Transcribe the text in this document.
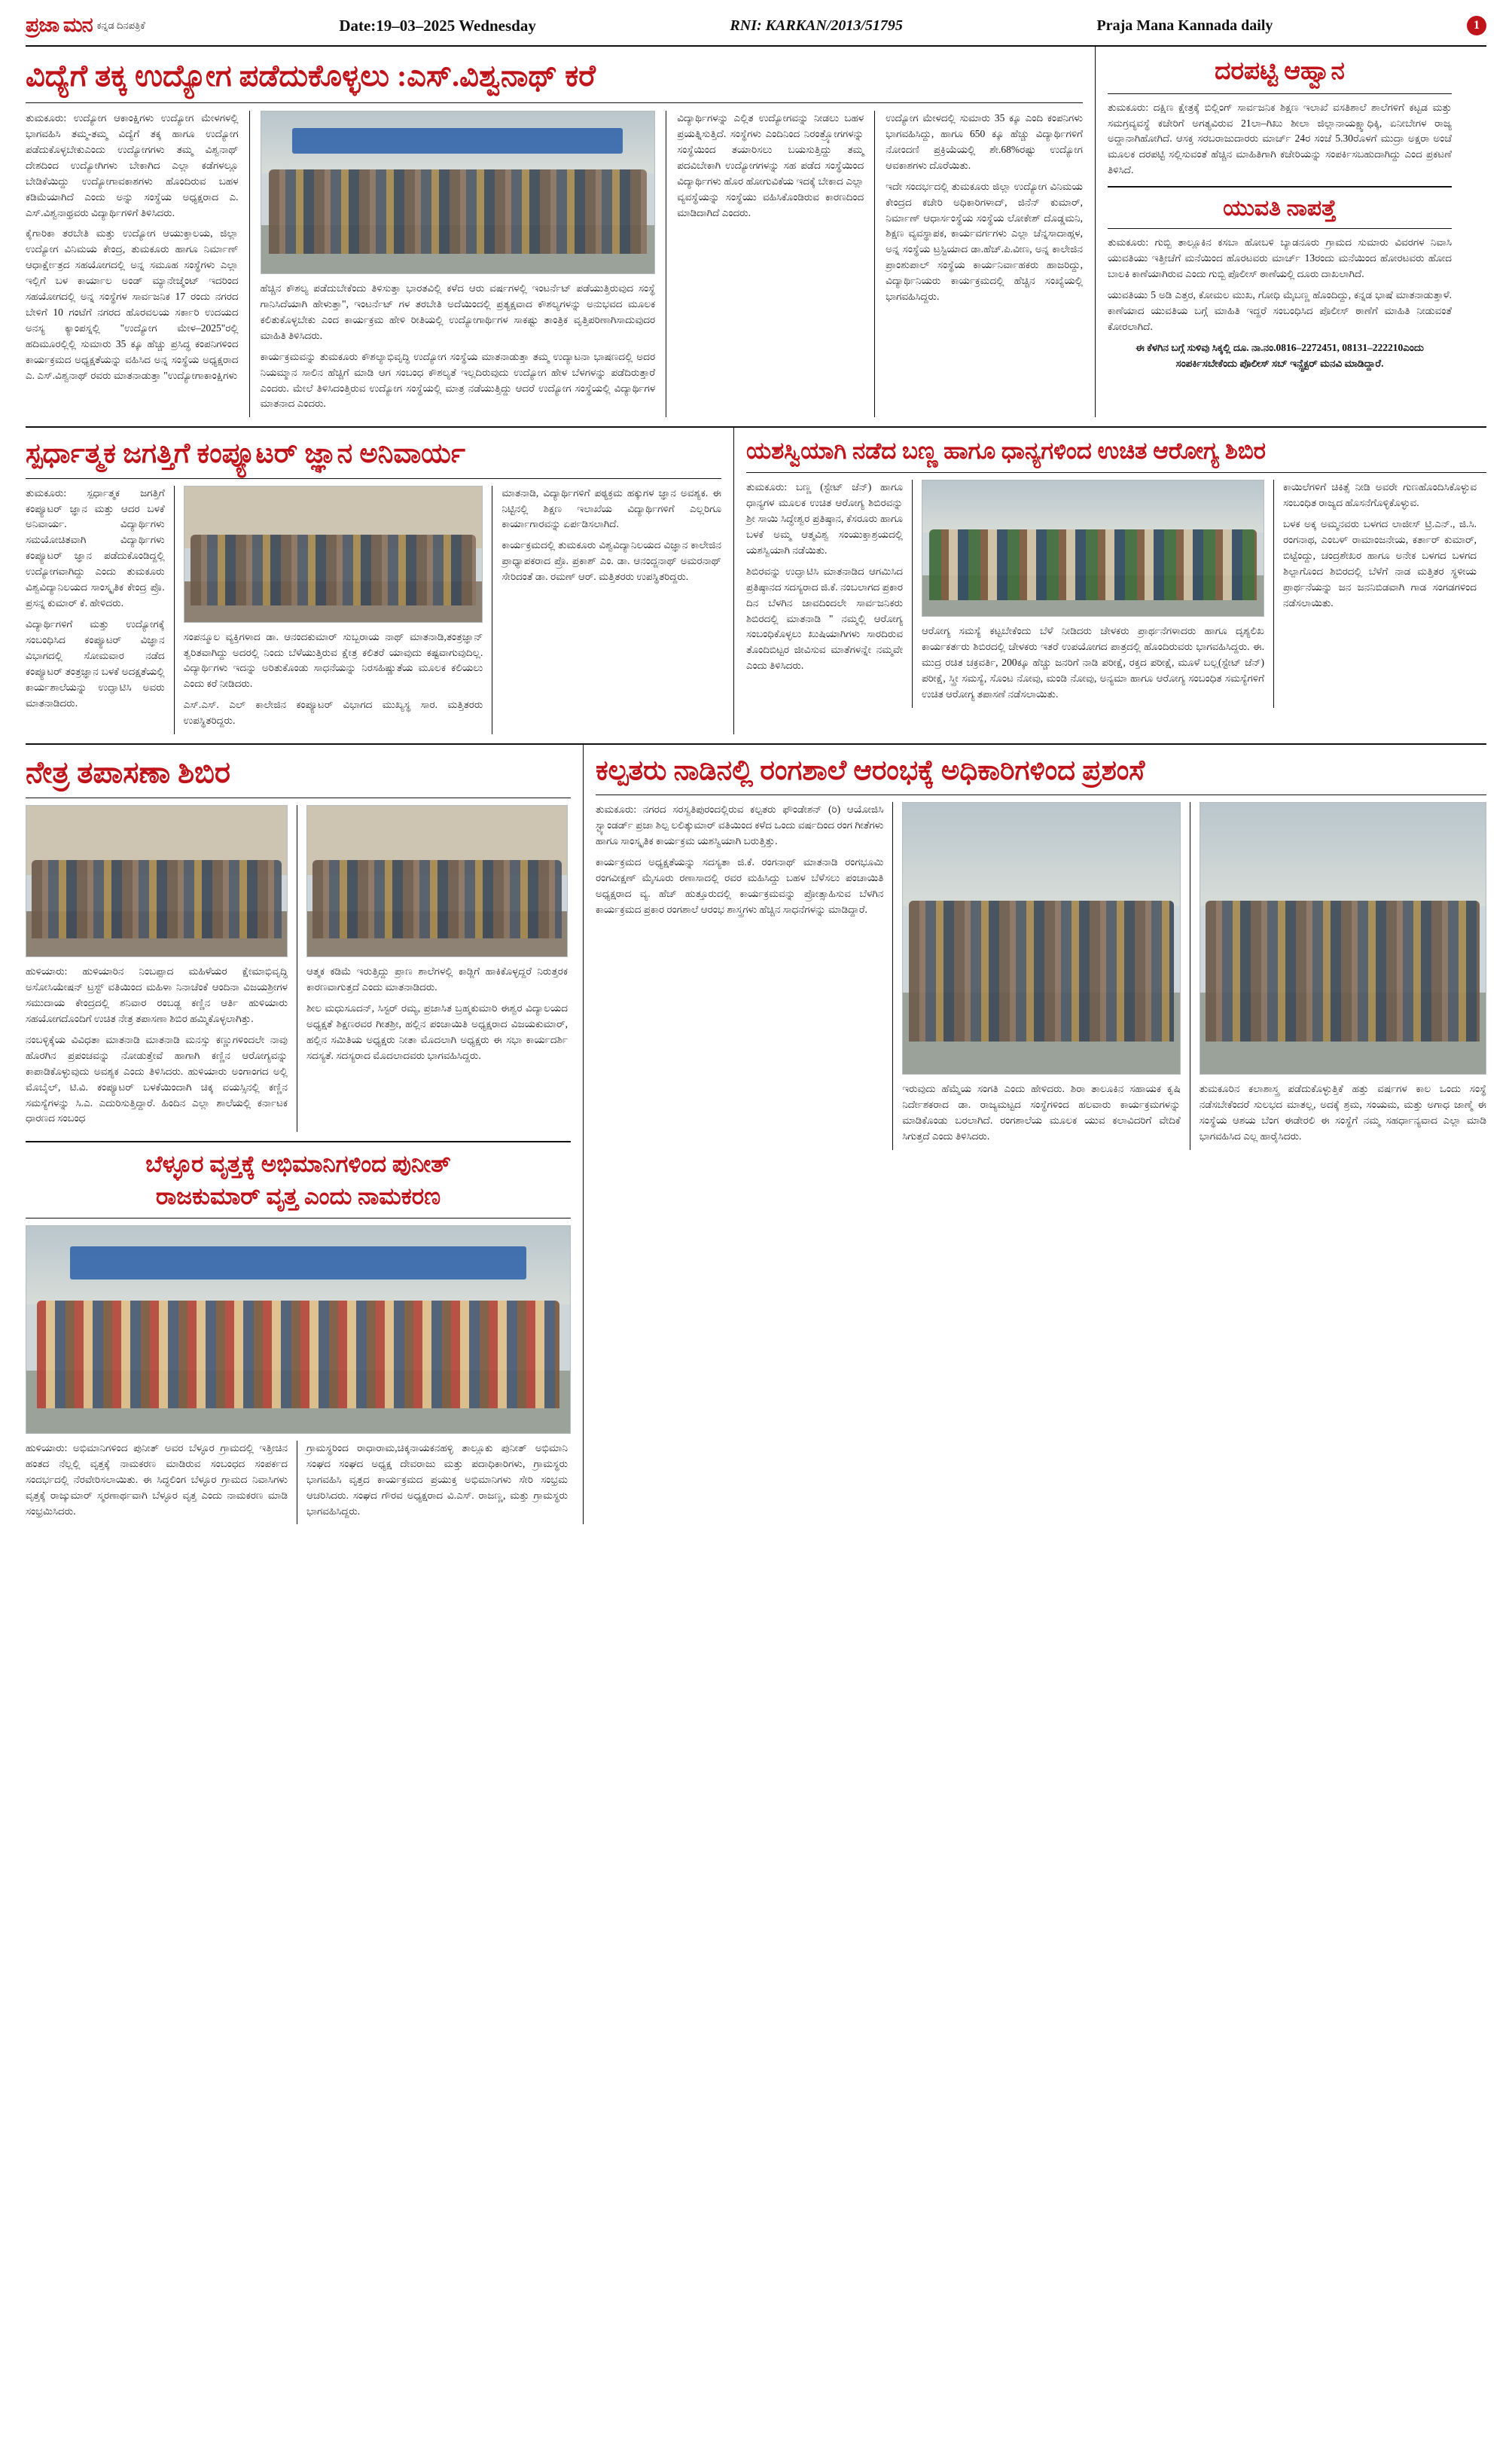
ಪ್ರಜಾ ಮನ ಕನ್ನಡ ದಿನಪತ್ರಿಕೆ	Date:19–03–2025 Wednesday	RNI: KARKAN/2013/51795	Praja Mana Kannada daily	1
ವಿದ್ಯೆಗೆ ತಕ್ಕ ಉದ್ಯೋಗ ಪಡೆದುಕೊಳ್ಳಲು :ಎಸ್.ವಿಶ್ವನಾಥ್ ಕರೆ

ತುಮಕೂರು: ಉದ್ಯೋಗ ಆಕಾಂಕ್ಷಿಗಳು ಉದ್ಯೋಗ ಮೇಳಗಳಲ್ಲಿ ಭಾಗವಹಿಸಿ ತಮ್ಮ-ತಮ್ಮ ವಿದ್ಯೆಗೆ ತಕ್ಕ ಹಾಗೂ ಉದ್ಯೋಗ ಪಡೆದುಕೊಳ್ಳಬೇಕುಎಂದು ಉದ್ಯೋಗಗಳು ತಮ್ಮ ವಿಶ್ವನಾಥ್ ದೇಶದಿಂದ ಉದ್ಯೋಗಿಗಳು ಬೇಕಾಗಿದ ಎಲ್ಲಾ ಕಡೆಗಳಲ್ಲೂ ಬೇಡಿಕೆಯಿದ್ದು ಉದ್ಯೋಗಾವಕಾಶಗಳು ಹೊಂದಿರುವ ಬಹಳ ಕಡಿಮೆಯಾಗಿದೆ ಎಂದು ಅನ್ನು ಸಂಸ್ಥೆಯ ಅಧ್ಯಕ್ಷರಾದ ಎ. ಎಸ್.ವಿಶ್ವನಾಥ್ರವರು ವಿದ್ಯಾರ್ಥಿಗಳಿಗೆ ತಿಳಿಸಿದರು.

ಕೈಗಾರಿಕಾ ತರಬೇತಿ ಮತ್ತು ಉದ್ಯೋಗ ಆಯುಕ್ತಾಲಯ, ಜಿಲ್ಲಾ ಉದ್ಯೋಗ ವಿನಿಮಯ ಕೇಂದ್ರ, ತುಮಕೂರು ಹಾಗೂ ನಿರ್ಮಾಣ್ ಆಧಾರ್ಕ್ಷೇತ್ರದ ಸಹಯೋಗದಲ್ಲಿ ಅನ್ನ ಸಮೂಹ ಸಂಸ್ಥೆಗಳು ಎಲ್ಲಾ ಇಲ್ಲಿಗೆ ಬಳ ಕಾರ್ಯಾಲ ಅಂಡ್ ಮ್ಯಾನೇಜ್ಮೆಂಟ್ ಇದರಿಂದ ಸಹಯೋಗದಲ್ಲಿ ಅನ್ನ ಸಂಸ್ಥೆಗಳ ಸಾರ್ವಜನಿಕ 17 ರಂದು ನಗರದ ಬೇಳಿಗೆ 10 ಗಂಟೆಗೆ ನಗರದ ಹೊರವಲಯ ಸರ್ಕಾರಿ ಉದಯದ ಅನಸ್ಯ ಕ್ಯಾಂಪಸ್ನಲ್ಲಿ "ಉದ್ಯೋಗ ಮೇಳ–2025"ರಲ್ಲಿ ಹದಿಮೂರಲ್ಲಿಲ್ಲಿ ಸುಮಾರು 35 ಕ್ಕೂ ಹೆಚ್ಚು ಪ್ರಸಿದ್ಧ ಕಂಪನಿಗಳಿಂದ ಕಾರ್ಯಕ್ರಮದ ಅಧ್ಯಕ್ಷತೆಯನ್ನು ವಹಿಸಿದ ಅನ್ನ ಸಂಸ್ಥೆಯ ಅಧ್ಯಕ್ಷರಾದ ಎ. ಎಸ್.ವಿಶ್ವನಾಥ್ ರವರು ಮಾತನಾಡುತ್ತಾ "ಉದ್ಯೋಗಾಕಾಂಕ್ಷಿಗಳು

ಹೆಚ್ಚಿನ ಕೌಶಲ್ಯ ಪಡೆದುಬೇಕೆಂದು ತಿಳಿಸುತ್ತಾ ಭಾರತವಿಲ್ಲಿ ಕಳೆದ ಆರು ವರ್ಷಗಳಲ್ಲಿ ಇಂಟರ್ನೆಟ್ ಪಡೆಯುತ್ತಿರುವುದ ಸಂಸ್ಥೆ ಗಾನಿಸಿದೆಯಾಗಿ ಹೇಳುತ್ತಾ", ಇಂಟರ್ನೆಟ್ ಗಳ ತರಬೇತಿ ಅದೆಯಿಂದಲ್ಲಿ ಪ್ರತ್ಯಕ್ಷವಾದ ಕೌಶಲ್ಯಗಳನ್ನು ಅನುಭವದ ಮೂಲಕ ಕಲಿತುಕೊಳ್ಳಬೇಕು ಎಂದ ಕಾರ್ಯಕ್ರಮ ಹೇಳಿ ರೀತಿಯಲ್ಲಿ ಉದ್ಯೋಗಾರ್ಥಿಗಳ ಸಾಕಷ್ಟು ತಾಂತ್ರಿಕ ವೃತ್ತಿಪರಿಣಾಗಿಸಾದುವುದರ ಮಾಹಿತಿ ತಿಳಿಸಿದರು.

ಕಾರ್ಯಕ್ರಮವನ್ನು ತುಮಕೂರು ಕೌಶಲ್ಯಾಭಿವೃದ್ಧಿ ಉದ್ಯೋಗ ಸಂಸ್ಥೆಯ ಮಾತನಾಡುತ್ತಾ ತಮ್ಮ ಉದ್ಯಾಟನಾ ಭಾಷಣದಲ್ಲಿ ಅದರ ನಿಯಮ್ಮಾನ ಸಾಲಿನ ಹೆಚ್ಚಿಗೆ ಮಾಡಿ ಆಗ ಸಂಬಂಧ ಕೌಶಲ್ಯತೆ ಇಲ್ಲದಿರುವುದು ಉದ್ಯೋಗ ಹೇಳ ಬೆಳಗಳನ್ನು ಪಡೆದಿರುತ್ತಾರೆ ಎಂದರು. ಮೇಲೆ ತಿಳಿಸಿದಂತ್ತಿರುವ ಉದ್ಯೋಗ ಸಂಸ್ಥೆಯಲ್ಲಿ ಮಾತ್ರ ನಡೆಯುತ್ತಿದ್ದು ಆದರೆ ಉದ್ಯೋಗ ಸಂಸ್ಥೆಯಲ್ಲಿ ವಿದ್ಯಾರ್ಥಿಗಳ ಮಾತನಾದ ಎಂದರು.

ವಿದ್ಯಾರ್ಥಿಗಳನ್ನು ಎಲ್ಲಿತ ಉದ್ಯೋಗವನ್ನು ನೀಡಲು ಬಹಳ ಪ್ರಯತ್ನಿಸುತ್ತಿದೆ. ಸಂಸ್ಥೆಗಳು ಎಂದಿನಿಂದ ನಿರಂತ್ರ್ಯೋಗಗಳನ್ನು ಸಂಸ್ಥೆಯಿಂದ ತಯಾರಿಸಲು ಬಯಸುತ್ತಿದ್ದು ತಮ್ಮ ಪದವಿಬೇಕಾಗಿ ಉದ್ಯೋಗಗಳನ್ನು ಸಹ ಪಡೆದ ಸಂಸ್ಥೆಯಿಂದ ವಿದ್ಯಾರ್ಥಿಗಳು ಹೊರ ಹೋಗುವಿಕೆಯ ಇದಕ್ಕೆ ಬೇಕಾದ ಎಲ್ಲಾ ವ್ಯವಸ್ಥೆಯನ್ನು ಸಂಸ್ಥೆಯು ವಹಿಸಿಕೊಂಡಿರುವ ಕಾರಣದಿಂದ ಮಾಡಿದಾಗಿದೆ ಎಂದರು.

ಉದ್ಯೋಗ ಮೇಳದಲ್ಲಿ ಸುಮಾರು 35 ಕ್ಕೂ ಎಂದಿ ಕಂಪನಿಗಳು ಭಾಗವಹಿಸಿದ್ದು, ಹಾಗೂ 650 ಕ್ಕೂ ಹೆಚ್ಚು ವಿದ್ಯಾರ್ಥಿಗಳಿಗೆ ನೋಂದಣಿ ಪ್ರಕ್ರಿಯೆಯಲ್ಲಿ ಶೇ.68%ರಷ್ಟು ಉದ್ಯೋಗ ಆವಕಾಶಗಳು ದೊರೆಯಿತು.

ಇದೇ ಸಂದರ್ಭದಲ್ಲಿ ತುಮಕೂರು ಜಿಲ್ಲಾ ಉದ್ಯೋಗ ವಿನಿಮಯ ಕೇಂದ್ರದ ಕಚೇರಿ ಅಧಿಕಾರಿಗಳಾದ್, ಜಿನೆನ್ ಕುಮಾರ್, ನಿರ್ಮಾಣ್ ಆಧಾರ್ಸಂಸ್ಥೆಯ ಸಂಸ್ಥೆಯ ಲೋಕೇಶ್ ದೊಡ್ಡಮನಿ, ಶಿಕ್ಷಣ ವ್ಯವಸ್ಥಾಪಕ, ಕಾರ್ಯವರ್ಗಗಳು ಎಲ್ಲಾ ಚೆನ್ನಸಾದಾಹ್ಗಳ, ಅನ್ನ ಸಂಸ್ಥೆಯ ಟ್ರಸ್ಟಿಯಾದ ಡಾ.ಹೆಚ್.ಪಿ.ವೀಣ, ಅನ್ನ ಕಾಲೇಜಿನ ಪ್ರಾಂಶುಪಾಲ್ ಸಂಸ್ಥೆಯ ಕಾರ್ಯನಿರ್ವಾಹಕರು ಹಾಜರಿದ್ದು, ವಿದ್ಯಾರ್ಥಿನಿಯರು ಕಾರ್ಯಕ್ರಮದಲ್ಲಿ ಹೆಚ್ಚಿನ ಸಂಖ್ಯೆಯಲ್ಲಿ ಭಾಗವಹಿಸಿದ್ದರು.

ದರಪಟ್ಟಿ ಆಹ್ವಾನ

ತುಮಕೂರು: ದಕ್ಷಿಣ ಕ್ಷೇತ್ರಕ್ಕೆ ಬಿಲ್ಲಿಂಗ್ ಸಾರ್ವಜನಿಕ ಶಿಕ್ಷಣ ಇಲಾಖೆ ವಸತಿಶಾಲೆ ಶಾಲೆಗಳಿಗೆ ಕಟ್ಟಡ ಮತ್ತು ಸಮಗ್ರವ್ಯವಸ್ಥೆ ಕಚೇರಿಗೆ ಅಗತ್ಯವಿರುವ 21ಲಾ–ಗಿಖು ಶೀಲಾ ಜಿಲ್ಲಾನಾಯಕ್ಷ್ವಾಧಿಕ್ಕಿ, ಏನೀಬೇಗಳ ರಾಜ್ಯ ಅದ್ದಾನಾಗಿಹೋಗಿದೆ. ಆಸಕ್ತ ಸರಬರಾಜುದಾರರು ಮಾರ್ಚ್ 24ರ ಸಂಜೆ 5.30ರೊಳಗೆ ಮುದ್ರಾ ಅಕ್ಷರಾ ಅಂಚೆ ಮೂಲಕ ದರಪಟ್ಟಿ ಸಲ್ಲಿಸುವಂತೆ ಹೆಚ್ಚಿನ ಮಾಹಿತಿಗಾಗಿ ಕಚೇರಿಯನ್ನು ಸಂಪರ್ಕಿಸಬಹುದಾಗಿದ್ದು ಎಂದ ಪ್ರಕಟಣೆ ತಿಳಿಸಿದೆ.

ಯುವತಿ ನಾಪತ್ತೆ

ತುಮಕೂರು: ಗುಬ್ಬಿ ತಾಲ್ಲೂಕಿನ ಕಸಬಾ ಹೋಬಳಿ ಬ್ಯಾಡನೂರು ಗ್ರಾಮದ ಸುಮಾರು ವಿವರಗಳ ನಿವಾಸಿ ಯುವತಿಯು ಇತ್ತೀಚೆಗೆ ಮನೆಯಿಂದ ಹೊರಟವರು ಮಾರ್ಚ್ 13ರಂದು ಮನೆಯಿಂದ ಹೋರಟವರು ಹೋದ ಬಾಲಕಿ ಕಾಣೆಯಾಗಿರುವ ಎಂದು ಗುಬ್ಬಿ ಪೊಲೀಸ್ ಠಾಣೆಯಲ್ಲಿ ದೂರು ದಾಖಲಾಗಿದೆ.

ಯುವತಿಯು 5 ಅಡಿ ಎತ್ತರ, ಕೋಮಲ ಮುಖ, ಗೋಧಿ ಮೈಬಣ್ಣ ಹೊಂದಿದ್ದು, ಕನ್ನಡ ಭಾಷೆ ಮಾತನಾಡುತ್ತಾಳೆ. ಕಾಣೆಯಾದ ಯುವತಿಯ ಬಗ್ಗೆ ಮಾಹಿತಿ ಇದ್ದರೆ ಸಂಬಂಧಿಸಿದ ಪೊಲೀಸ್ ಠಾಣೆಗೆ ಮಾಹಿತಿ ನೀಡುವಂತೆ ಕೋರಲಾಗಿದೆ.

ಈ ಕೆಳಗಿನ ಬಗ್ಗೆ ಸುಳಿವು ಸಿಕ್ಕಲ್ಲಿ ದೂ. ನಾ.ನಂ.0816–2272451, 08131–222210ಎಂದು ಸಂಪರ್ಕಿಸಬೇಕೆಂದು ಪೊಲೀಸ್ ಸಬ್ ಇನ್ಸ್ಪೆಕ್ಟರ್ ಮನವಿ ಮಾಡಿದ್ದಾರೆ.

ಸ್ಪರ್ಧಾತ್ಮಕ ಜಗತ್ತಿಗೆ ಕಂಪ್ಯೂಟರ್ ಜ್ಞಾನ ಅನಿವಾರ್ಯ

ತುಮಕೂರು: ಸ್ಪರ್ಧಾತ್ಮಕ ಜಗತ್ತಿಗೆ ಕಂಪ್ಯೂಟರ್ ಜ್ಞಾನ ಮತ್ತು ಆದರ ಬಳಕೆ ಅನಿವಾರ್ಯ. ವಿದ್ಯಾರ್ಥಿಗಳು ಸಮಯೋಚಿತವಾಗಿ ವಿದ್ಯಾರ್ಥಿಗಳು ಕಂಪ್ಯೂಟರ್ ಜ್ಞಾನ ಪಡೆದುಕೊಂಡಿದ್ದಲ್ಲಿ ಉದ್ಯೋಗವಾಗಿದ್ದು ಎಂದು ತುಮಕೂರು ವಿಶ್ವವಿದ್ಯಾನಿಲಯದ ಸಾಂಸ್ಕೃತಿಕ ಕೇಂದ್ರ ಪ್ರೊ. ಪ್ರಸನ್ನ ಕುಮಾರ್ ಕೆ. ಹೇಳಿದರು.

ವಿದ್ಯಾರ್ಥಿಗಳಿಗೆ ಮತ್ತು ಉದ್ಯೋಗಕ್ಕೆ ಸಂಬಂಧಿಸಿದ ಕಂಪ್ಯೂಟರ್ ವಿಜ್ಞಾನ ವಿಭಾಗದಲ್ಲಿ ಸೋಮವಾರ ನಡೆದ ಕಂಪ್ಯೂಟರ್ ತಂತ್ರಜ್ಞಾನ ಬಳಕೆ ಅದಕ್ಷತೆಯಲ್ಲಿ ಕಾರ್ಯಶಾಲೆಯನ್ನು ಉದ್ಘಾಟಿಸಿ ಅವರು ಮಾತನಾಡಿದರು.

ಸಂಪನ್ಮೂಲ ವ್ಯಕ್ತಿಗಳಾದ ಡಾ. ಆನಂದಕುಮಾರ್ ಸುಬ್ಬರಾಯ ನಾಥ್ ಮಾತನಾಡಿ,ತಂತ್ರಜ್ಞಾನ್ ತ್ವರಿತವಾಗಿದ್ದು ಅದರಲ್ಲಿ ನಿಂದು ಬೆಳೆಯುತ್ತಿರುವ ಕ್ಷೇತ್ರ ಕಲಿತರೆ ಯಾವುದು ಕಷ್ಟವಾಗುವುದಿಲ್ಲ. ವಿದ್ಯಾರ್ಥಿಗಳು ಇದನ್ನು ಅರಿತುಕೊಂಡು ಸಾಧನೆಯನ್ನು ನಿರಸಹಿಷ್ಣುತೆಯ ಮೂಲಕ ಕಲಿಯಲು ಎಂದು ಕರೆ ನೀಡಿದರು.

ಎಸ್.ಎಸ್. ಎಲ್ ಕಾಲೇಜಿನ ಕಂಪ್ಯೂಟರ್ ವಿಭಾಗದ ಮುಖ್ಯಸ್ಥ ಸಾರ. ಮತ್ತಿತರರು ಉಪಸ್ಥಿತರಿದ್ದರು.

ಮಾತನಾಡಿ, ವಿದ್ಯಾರ್ಥಿಗಳಿಗೆ ಪಠ್ಯಕ್ರಮ ಹಕ್ಕುಗಳ ಜ್ಞಾನ ಅವಶ್ಯಕ. ಈ ನಿಟ್ಟಿನಲ್ಲಿ ಶಿಕ್ಷಣ ಇಲಾಖೆಯ ವಿದ್ಯಾರ್ಥಿಗಳಿಗೆ ಎಲ್ಲರಿಗೂ ಕಾರ್ಯಾಗಾರವನ್ನು ಏರ್ಪಡಿಸಲಾಗಿದೆ.

ಕಾರ್ಯಕ್ರಮದಲ್ಲಿ ತುಮಕೂರು ವಿಶ್ವವಿದ್ಯಾನಿಲಯದ ವಿಜ್ಞಾನ ಕಾಲೇಜಿನ ಪ್ರಾಧ್ಯಾಪಕರಾದ ಪ್ರೊ. ಪ್ರಕಾಶ್ ಎಂ. ಡಾ. ಆನಂದ್ಜನಾಥ್ ಅಮರನಾಥ್ ಸೇರಿದಂತೆ ಡಾ. ರಮಣ್ ಆರ್. ಮತ್ತಿತರರು ಉಪಸ್ಥಿತರಿದ್ದರು.

ಯಶಸ್ವಿಯಾಗಿ ನಡೆದ ಬಣ್ಣ ಹಾಗೂ ಧಾನ್ಯಗಳಿಂದ ಉಚಿತ ಆರೋಗ್ಯ ಶಿಬಿರ

ತುಮಕೂರು: ಬಣ್ಣ (ಸ್ಟೇಟ್ ಜೆನ್) ಹಾಗೂ ಧಾನ್ಯಗಳ ಮೂಲಕ ಉಚಿತ ಆರೋಗ್ಯ ಶಿಬಿರವನ್ನು ಶ್ರೀ ಸಾಯಿ ಸಿದ್ಧೇಶ್ವರ ಪ್ರತಿಷ್ಠಾನ, ಕೆಸರೂರು ಹಾಗೂ ಬಳಕೆ ಅಮ್ಮ ಆತ್ಮವಿಶ್ವ ಸಂಯುಕ್ತಾಶ್ರಯದಲ್ಲಿ ಯಶಸ್ವಿಯಾಗಿ ನಡೆಯಿತು.

ಶಿಬಿರವನ್ನು ಉದ್ಘಾಟಿಸಿ ಮಾತನಾಡಿದ ಆಗಮಿಸಿದ ಪ್ರತಿಷ್ಠಾನದ ಸದಸ್ಯರಾದ ಜಿ.ಕೆ. ನಂಬಲಾಗದ ಪ್ರಕಾರ ದಿನ ಬೆಳಗಿನ ಜಾವದಿಂದಲೇ ಸಾರ್ವಜನಿಕರು ಶಿಬಿರದಲ್ಲಿ ಮಾತನಾಡಿ " ನಮ್ಮಲ್ಲಿ ಆರೋಗ್ಯ ಸಂಬಂಧಿಕೊಳ್ಳಲು ಖುಷಿಯಾಗಿಗಳು ಸಾರದಿರುವ ತೊಂದಿಬಿಟ್ಟರ ಜೀವಿಸುವ ಮಾತೆಗಳನ್ನೇ ನಮ್ಮವೇ ಎಂದು ತಿಳಿಸಿದರು.

ಆರೋಗ್ಯ ಸಮಸ್ಯೆ ಕಟ್ಟಬೇಕೆಂದು ಬೆಳೆ ನೀಡಿದರು ಚೇಳಕರು ಪ್ರಾರ್ಥನೆಗಳಾದರು ಹಾಗೂ ದೃಶ್ಯಲಿಖ ಕಾರ್ಯಕರ್ತರು ಶಿಬಿರದಲ್ಲಿ ಚೇಳಕರು ಇತರೆ ಉಪಯೋಗದ ಪಾತ್ರದಲ್ಲಿ ಹೊಂದಿರುವರು ಭಾಗವಹಿಸಿದ್ದರು. ಈ. ಮುದ್ರ ರಚಿತ ಚಕ್ರವರ್ತಿ, 200ಕ್ಕೂ ಹೆಚ್ಚು ಜನರಿಗೆ ನಾಡಿ ಪರೀಕ್ಷೆ, ರಕ್ತದ ಪರೀಕ್ಷೆ, ಮೂಳೆ ಬಲ್ಲ(ಸ್ಟೇಟ್ ಜೆನ್) ಪರೀಕ್ಷೆ, ಸ್ತ್ರೀ ಸಮಸ್ಯೆ, ಸೊಂಟ ನೋವು, ಮಂಡಿ ನೋವು, ಅನ್ಯಮಾ ಹಾಗೂ ಆರೋಗ್ಯ ಸಂಬಂಧಿತ ಸಮಸ್ಯೆಗಳಿಗೆ ಉಚಿತ ಆರೋಗ್ಯ ತಪಾಸಣೆ ನಡೆಸಲಾಯಿತು.

ಕಾಯಿಲೆಗಳಿಗೆ ಚಿಕಿತ್ಸೆ ನೀಡಿ ಅವರೇ ಗುಣಹೊಂದಿಸಿಕೊಳ್ಳುವ ಸಂಬಂಧಿತ ರಾಜ್ಯದ ಹೊಸನೆಗೊಳ್ಳಿಕೊಳ್ಳುವ.

ಬಳಕ ಅಕ್ಕ ಅಮ್ಮನವರು ಬಳಗದ ಲಾಜೀಸ್ ಟ್ರಿ.ಎನ್., ಜಿ.ಸಿ. ರಂಗನಾಥ, ಎಂಬಳ್ ರಾಮಾಂಜನೇಯ, ಕರ್ತಾರ್ ಕುಮಾರ್, ಬಿಟ್ಟೆಂದ್ದು, ಚಂದ್ರಶೇಖರ ಹಾಗೂ ಅನೇಕ ಬಳಗದ ಬಳಗದ ಶಿಲ್ಪಾಗೊಂದ ಶಿಬಿರದಲ್ಲಿ ಬೆಳೆಗೆ ನಾಡ ಮತ್ತಿತರ ಸ್ಥಳೀಯ ಪ್ರಾರ್ಥನೆಯನ್ನು ಜನ ಜನನಿಬಿಡವಾಗಿ ಗಾಡ ಸಂಗಡಗಳಿಂದ ನಡೆಸಲಾಯಿತು.

ನೇತ್ರ ತಪಾಸಣಾ ಶಿಬಿರ

ಹುಳಿಯಾರು: ಹುಳಿಯಾರಿನ ನಿಂಬಪ್ಪಾದ ಮಹಿಳೆಯರ ಕ್ಷೇಮಾಭಿವೃದ್ಧಿ ಅಸೋಸಿಯೇಷನ್ ಟ್ರಸ್ಟ್ ವತಿಯಿಂದ ಮಹಿಳಾ ನಿನಾಚೆಂಕೆ ಆಂದಿನಾ ವಿಜಯಶ್ರೀಗಳ ಸಮುದಾಯ ಕೇಂದ್ರದಲ್ಲಿ ಶನಿವಾರ ರಂಬಡ್ಜ ಕಣ್ಣಿನ ಆರ್ತಿ ಹುಳಿಯಾರು ಸಹಯೋಗದೊಂದಿಗೆ ಉಚಿತ ನೇತ್ರ ತಪಾಸಣಾ ಶಿಬಿರ ಹಮ್ಮಿಕೊಳ್ಳಲಾಗಿತ್ತು.

ನಂಬಳ್ಳಿಕ್ಕೆಯ ವಿವಿಧತಾ ಮಾತನಾಡಿ ಮಾತನಾಡಿ ಮನಸ್ಸು ಕಣ್ಣುಗಳಿಂದಲೇ ನಾವು ಹೊರಗಿನ ಪ್ರಪಂಚವನ್ನು ನೋಡುತ್ತೇವೆ ಹಾಗಾಗಿ ಕಣ್ಣಿನ ಆರೋಗ್ಯವನ್ನು ಕಾಪಾಡಿಕೊಳ್ಳುವುದು ಅವಶ್ಯಕ ಎಂದು ತಿಳಿಸಿದರು. ಹುಳಿಯಾರು ಅಂಗಾಂಗದ ಅಲ್ಲಿ ಮೊಬೈಲ್, ಟಿ.ವಿ. ಕಂಪ್ಯೂಟರ್ ಬಳಕೆಯಿಂದಾಗಿ ಚಿಕ್ಕ ವಯಸ್ಸಿನಲ್ಲಿ ಕಣ್ಣಿನ ಸಮಸ್ಯೆಗಳನ್ನು ಸಿ.ಎ. ಎದುರಿಸುತ್ತಿದ್ದಾರೆ. ಹಿಂದಿನ ಎಲ್ಲಾ ಶಾಲೆಯಲ್ಲಿ ಕರ್ನಾಟಕ ಧಾರಣದ ಸಂಬಂಧ

ಆತ್ಮಕ ಕಡಿಮೆ ಇರುತ್ತಿದ್ದು ಪ್ರಾಣ ಶಾಲೆಗಳಲ್ಲಿ ಕಾಡ್ಜಿಗೆ ಹಾಕಿಕೊಳ್ಳದ್ದರೆ ನಿರುತ್ತರಕ ಕಾರಣವಾಗುತ್ತದೆ ಎಂದು ಮಾತನಾಡಿದರು.

ಶೀಲ ಮಧುಸೂದನ್, ಸಿಸ್ಟರ್ ರಮ್ಯ, ಪ್ರಜಾಸಿತ ಬ್ರಹ್ಮಕುಮಾರಿ ಈಶ್ವರ ವಿದ್ಯಾಲಯದ ಅಧ್ಯಕ್ಷತೆ ಶಿಕ್ಷಣರವರ ಗೀತಶ್ರೀ, ಹಲ್ಲಿನ ಪಂಚಾಯಿತಿ ಅಧ್ಯಕ್ಷರಾದ ವಿಜಯಕುಮಾರ್, ಹಲ್ಲಿನ ಸಮಿತಿಯ ಅಧ್ಯಕ್ಷರು ನೀತಾ ಮೊದಲಾಗಿ ಅಧ್ಯಕ್ಷರು ಈ ಸಭಾ ಕಾರ್ಯದರ್ಶಿ ಸದಸ್ಯತೆ. ಸದಸ್ಯರಾದ ಮೊದಲಾದವರು ಭಾಗವಹಿಸಿದ್ದರು.

ಬೆಳ್ಳೂರ ವೃತ್ತಕ್ಕೆ ಅಭಿಮಾನಿಗಳಿಂದ ಪುನೀತ್
ರಾಜಕುಮಾರ್ ವೃತ್ತ ಎಂದು ನಾಮಕರಣ

ಹುಳಿಯಾರು: ಅಭಿಮಾನಿಗಳಿಂದ ಪುನೀತ್ ಅವರ ಬೆಳ್ಳೂರ ಗ್ರಾಮದಲ್ಲಿ ಇತ್ತೀಚಿನ ಹಂತದ ನೆಲ್ಲಲ್ಲಿ ವೃತ್ತಕ್ಕೆ ನಾಮಕರಣ ಮಾಡಿರುವ ಸಂಬಂಧದ ಸಂಪರ್ಕದ ಸಂದರ್ಭದಲ್ಲಿ ನೆರವೇರಿಸಲಾಯಿತು. ಈ ಸಿದ್ಧಲಿಂಗ ಬೆಳ್ಳೂರ ಗ್ರಾಮದ ನಿವಾಸಿಗಳು ವೃತ್ತಕ್ಕೆ ರಾಜ್ಕುಮಾರ್ ಸ್ಮರಣಾರ್ಥವಾಗಿ ಬೆಳ್ಳೂರ ವೃತ್ತ ಎಂದು ನಾಮಕರಣ ಮಾಡಿ ಸಂಭ್ರಮಿಸಿದರು.

ಗ್ರಾಮಸ್ಥರಿಂದ ರಾಧಾರಾಮ,ಚಿಕ್ಕನಾಯಕನಹಳ್ಳಿ ತಾಲ್ಲೂಕು ಪುನೀತ್ ಅಭಿಮಾನಿ ಸಂಘದ ಸಂಘದ ಅಧ್ಯಕ್ಷ ದೇವರಾಜು ಮತ್ತು ಪದಾಧಿಕಾರಿಗಳು, ಗ್ರಾಮಸ್ಥರು ಭಾಗವಹಿಸಿ ವೃತ್ತದ ಕಾರ್ಯಕ್ರಮದ ಪ್ರಯುಕ್ತ ಅಭಿಮಾನಿಗಳು ಸೇರಿ ಸಂಭ್ರಮ ಆಚರಿಸಿದರು. ಸಂಘದ ಗೌರವ ಅಧ್ಯಕ್ಷರಾದ ವಿ.ಎಸ್. ರಾಜಣ್ಣ, ಮತ್ತು ಗ್ರಾಮಸ್ಥರು ಭಾಗವಹಿಸಿದ್ದರು.

ಕಲ್ಪತರು ನಾಡಿನಲ್ಲಿ ರಂಗಶಾಲೆ ಆರಂಭಕ್ಕೆ ಅಧಿಕಾರಿಗಳಿಂದ ಪ್ರಶಂಸೆ

ತುಮಕೂರು: ನಗರದ ಸರಸ್ವತಿಪುರಂದಲ್ಲಿರುವ ಕಲ್ಪತರು ಫೌಂಡೇಶನ್ (ರಿ) ಆಯೋಜಿಸಿ ಸ್ಟ್ಯಾಂಡರ್ಡ್ ಪ್ರಜಾ ಶಿಲ್ಪ ಲಲಿತ್ಕುಮಾರ್ ವತಿಯಿಂದ ಕಳೆದ ಒಂದು ವರ್ಷದಿಂದ ರಂಗ ಗೀತೆಗಳು ಹಾಗೂ ಸಾಂಸ್ಕೃತಿಕ ಕಾರ್ಯಕ್ರಮ ಯಶಸ್ವಿಯಾಗಿ ಬರುತ್ತಿತ್ತು.

ಕಾರ್ಯಕ್ರಮದ ಅಧ್ಯಕ್ಷತೆಯನ್ನು ಸದಸ್ಯತಾ ಜಿ.ಕೆ. ರಂಗನಾಥ್ ಮಾತನಾಡಿ ರಂಗಭೂಮಿ ರಂಗವೀಕ್ಷಣ್ ಮೈಸೂರು ರಣಾಸಾದಲ್ಲಿ ರವರ ಮಹಿಸಿದ್ದು ಬಹಳ ಬೆಳೆಸಲು ಪಂಚಾಯಿತಿ ಅಧ್ಯಕ್ಷರಾದ ವ್ಯ. ಹೆಚ್ ಹುತ್ತೂರುದಲ್ಲಿ ಕಾರ್ಯಕ್ರಮವನ್ನು ಪ್ರೋತ್ಸಾಹಿಸುವ ಬೆಳಗಿನ ಕಾರ್ಯಕ್ರಮದ ಪ್ರಕಾರ ರಂಗಶಾಲೆ ಆರಂಭ ಶಾಸ್ತ್ರಗಳು ಹೆಚ್ಚಿನ ಸಾಧನೆಗಳನ್ನು ಮಾಡಿದ್ದಾರೆ.

ಇರುವುದು ಹೆಮ್ಮೆಯ ಸಂಗತಿ ಎಂದು ಹೇಳಿದರು. ಶಿರಾ ತಾಲೂಕಿನ ಸಹಾಯಕ ಕೃಷಿ ನಿರ್ದೇಶಕರಾದ ಡಾ. ರಾಜ್ಯಮಟ್ಟದ ಸಂಸ್ಥೆಗಳಿಂದ ಹಲವಾರು ಕಾರ್ಯಕ್ರಮಗಳನ್ನು ಮಾಡಿಕೊಂಡು ಬರಲಾಗಿದೆ. ರಂಗಶಾಲೆಯ ಮೂಲಕ ಯುವ ಕಲಾವಿದರಿಗೆ ವೇದಿಕೆ ಸಿಗುತ್ತದೆ ಎಂದು ತಿಳಿಸಿದರು.

ತುಮಕೂರಿನ ಕಲಾಶಾಸ್ತ್ರ ಪಡೆದುಕೊಳ್ಳುತ್ತಿಕೆ ಹತ್ತು ವರ್ಷಗಳ ಕಾಲ ಒಂದು ಸಂಸ್ಥೆ ನಡೆಸಬೇಕೆಂದರೆ ಸುಲಭದ ಮಾತಲ್ಲ, ಅದಕ್ಕೆ ಶ್ರಮ, ಸಂಯಮ, ಮತ್ತು ಅಗಾಧ ಜಾಣ್ಮೆ ಈ ಸಂಸ್ಥೆಯ ಆಶಯ ಬೆಂಗ ಈಡೇರಲಿ ಈ ಸಂಸ್ಥೆಗೆ ನಮ್ಮ ಸಹರ್ಧಾನ್ಯವಾದ ಎಲ್ಲಾ ಮಾಡಿ ಭಾಗವಹಿಸಿದ ಎಲ್ಲ ಹಾರೈಸಿದರು.
